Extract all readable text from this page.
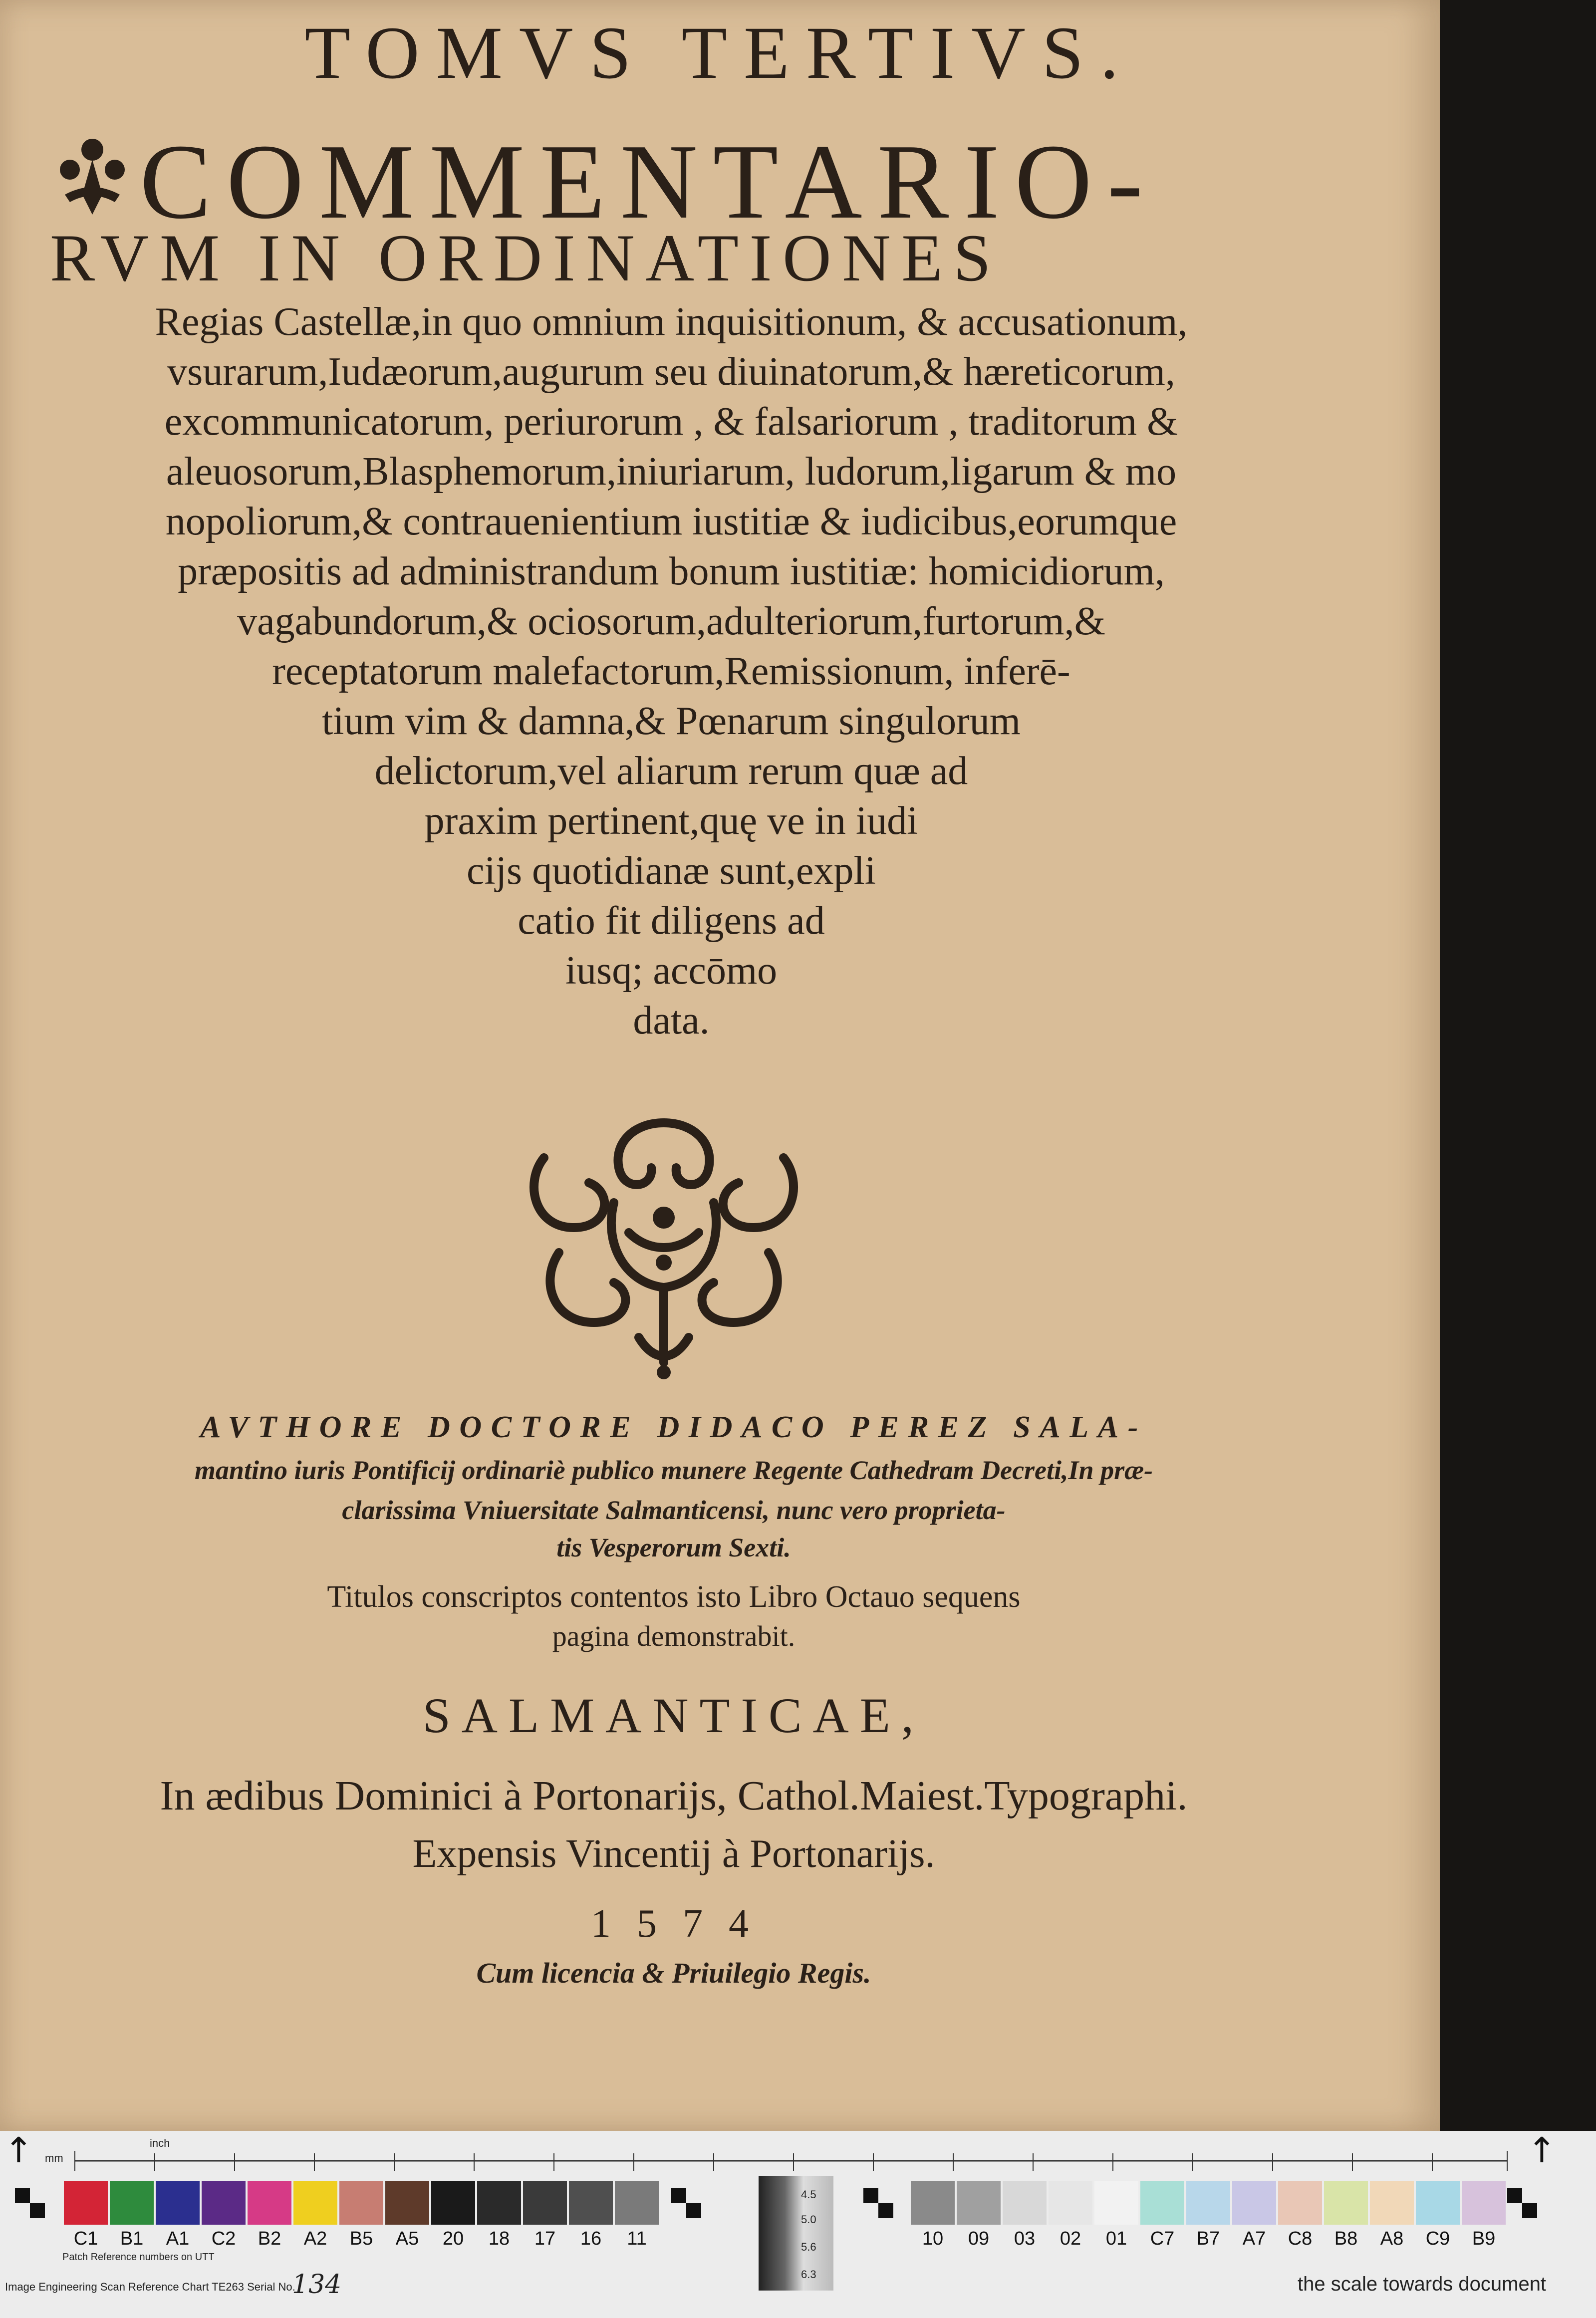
TOMVS TERTIVS.
COMMENTARIO-
RVM IN ORDINATIONES
Regias Castellæ,in quo omnium inquisitionum, & accusationum,
vsurarum,Iudæorum,augurum seu diuinatorum,& hæreticorum,
excommunicatorum, periurorum , & falsariorum , traditorum &
aleuosorum,Blasphemorum,iniuriarum, ludorum,ligarum & mo
nopoliorum,& contrauenientium iustitiæ & iudicibus,eorumque
præpositis ad administrandum bonum iustitiæ: homicidiorum,
vagabundorum,& ociosorum,adulteriorum,furtorum,&
receptatorum malefactorum,Remissionum, inferē-
tium vim & damna,& Pœnarum singulorum
delictorum,vel aliarum rerum quæ ad
praxim pertinent,quę ve in iudi
cijs quotidianæ sunt,expli
catio fit diligens ad
iusq; accōmo
data.
AVTHORE DOCTORE DIDACO PEREZ SALA-
mantino iuris Pontificij ordinariè publico munere Regente Cathedram Decreti,In præ-
clarissima Vniuersitate Salmanticensi, nunc vero proprieta-
tis Vesperorum Sexti.
Titulos conscriptos contentos isto Libro Octauo sequens
pagina demonstrabit.
SALMANTICAE,
In ædibus Dominici à Portonarijs, Cathol.Maiest.Typographi.
Expensis Vincentij à Portonarijs.
1 5 7 4
Cum licencia & Priuilegio Regis.
↑ mm
inch	↑
C1	B1	A1	C2	B2	A2	B5	A5	20	18	17	16	11	10	09	03	02	01	C7	B7	A7	C8	B8	A8	C9	B9
4.5
5.0
5.6
6.3
Patch Reference numbers on UTT
Image Engineering Scan Reference Chart TE263 Serial No.
134	the scale towards document
